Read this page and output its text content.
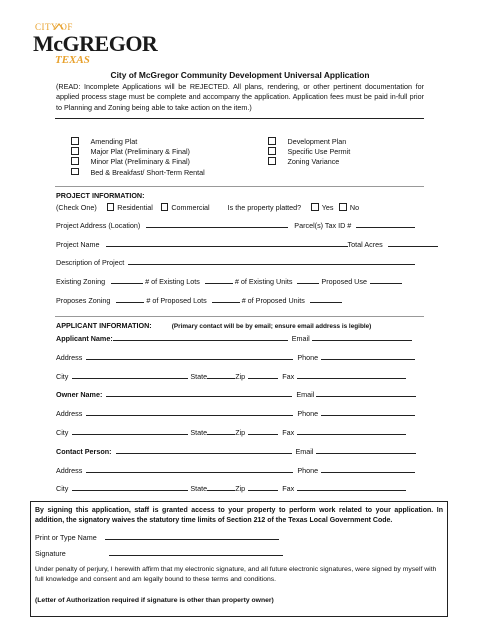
CITY OF
McGREGOR
TEXAS
City of McGregor Community Development Universal Application
(READ: Incomplete Applications will be REJECTED. All plans, rendering, or other pertinent documentation for applied process stage must be complete and accompany the application. Application fees must be paid in-full prior to Planning and Zoning being able to take action on the item.)
Amending Plat
Major Plat (Preliminary & Final)
Minor Plat (Preliminary & Final)
Bed & Breakfast/ Short-Term Rental
Development Plan
Specific Use Permit
Zoning Variance
PROJECT INFORMATION:
(Check One)	Residential	Commercial	Is the property platted?	Yes No
Project Address (Location)	Parcel(s) Tax ID #
Project Name	Total Acres
Description of Project
Existing Zoning	# of Existing Lots	# of Existing Units	Proposed Use
Proposes Zoning	# of Proposed Lots	# of Proposed Units
APPLICANT INFORMATION:	(Primary contact will be by email; ensure email address is legible)
Applicant Name:	Email
Address	Phone
City	State	Zip	Fax
Owner Name:	Email
Address	Phone
City	State	Zip	Fax
Contact Person:	Email
Address	Phone
City	State	Zip	Fax
By signing this application, staff is granted access to your property to perform work related to your application. In addition, the signatory waives the statutory time limits of Section 212 of the Texas Local Government Code.
Print or Type Name
Signature
Under penalty of perjury, I herewith affirm that my electronic signature, and all future electronic signatures, were signed by myself with full knowledge and consent and am legally bound to these terms and conditions.
(Letter of Authorization required if signature is other than property owner)
